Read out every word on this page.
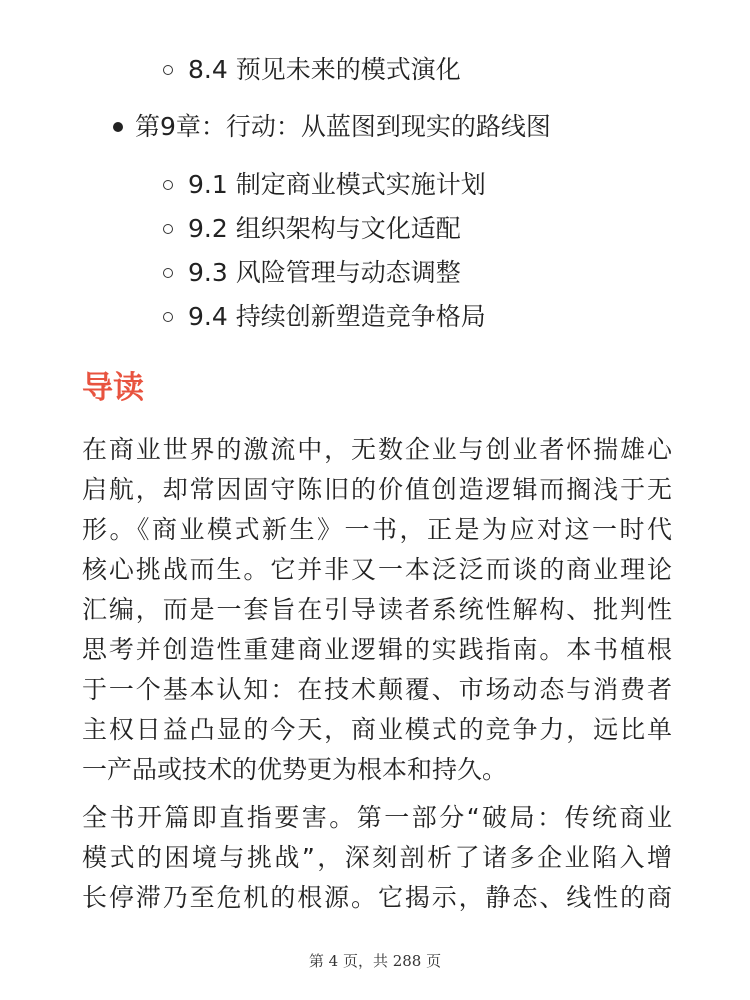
8.4 预见未来的模式演化
第9章：行动：从蓝图到现实的路线图
9.1 制定商业模式实施计划
9.2 组织架构与文化适配
9.3 风险管理与动态调整
9.4 持续创新塑造竞争格局
导读

在商业世界的激流中，无数企业与创业者怀揣雄心
启航，却常因固守陈旧的价值创造逻辑而搁浅于无
形。《商业模式新生》一书，正是为应对这一时代
核心挑战而生。它并非又一本泛泛而谈的商业理论
汇编，而是一套旨在引导读者系统性解构、批判性
思考并创造性重建商业逻辑的实践指南。本书植根
于一个基本认知：在技术颠覆、市场动态与消费者
主权日益凸显的今天，商业模式的竞争力，远比单
一产品或技术的优势更为根本和持久。

全书开篇即直指要害。第一部分“破局：传统商业
模式的困境与挑战”，深刻剖析了诸多企业陷入增
长停滞乃至危机的根源。它揭示，静态、线性的商

第 4 页，共 288 页
